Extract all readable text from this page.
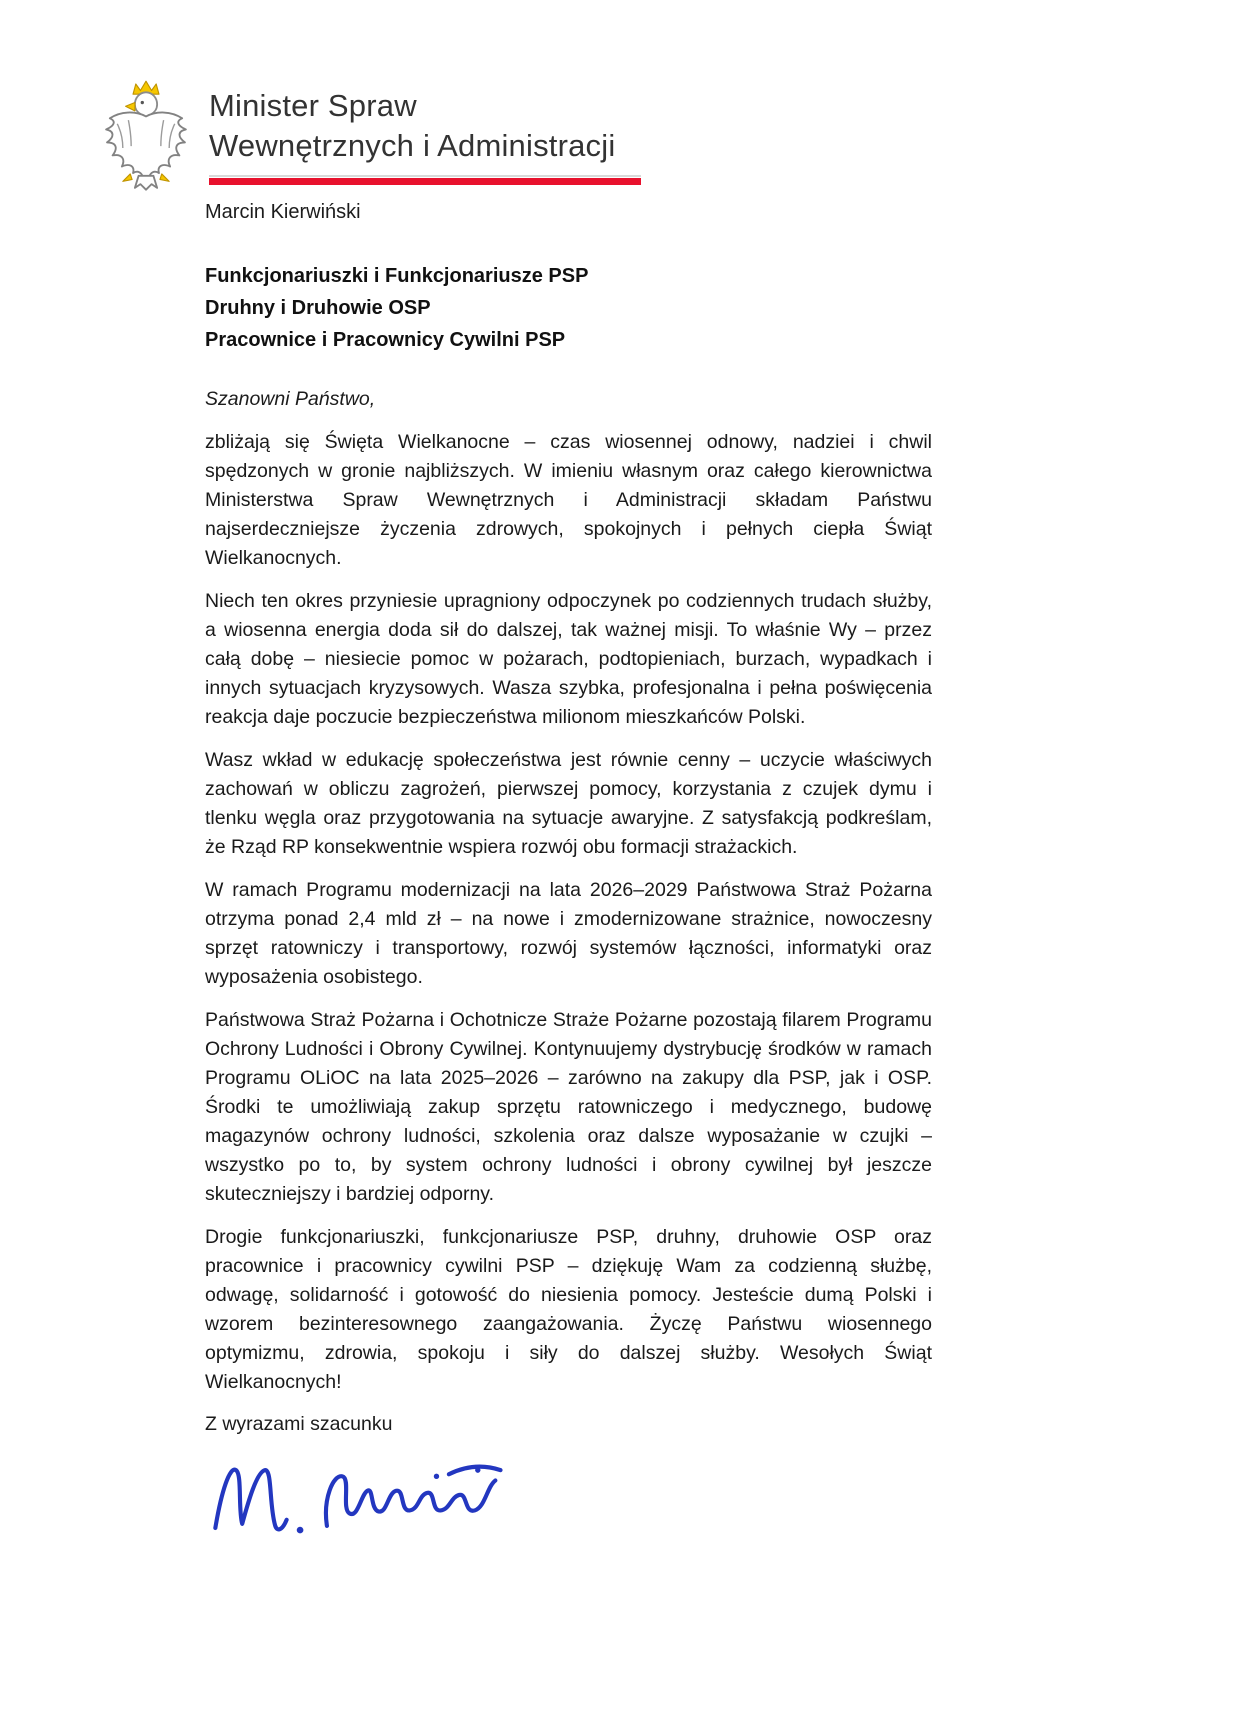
Minister Spraw
Wewnętrznych i Administracji
Marcin Kierwiński
Funkcjonariuszki i Funkcjonariusze PSP
Druhny i Druhowie OSP
Pracownice i Pracownicy Cywilni PSP
Szanowni Państwo,

zbliżają się Święta Wielkanocne – czas wiosennej odnowy, nadziei i chwil spędzonych w gronie najbliższych. W imieniu własnym oraz całego kierownictwa Ministerstwa Spraw Wewnętrznych i Administracji składam Państwu najserdeczniejsze życzenia zdrowych, spokojnych i pełnych ciepła Świąt Wielkanocnych.

Niech ten okres przyniesie upragniony odpoczynek po codziennych trudach służby, a wiosenna energia doda sił do dalszej, tak ważnej misji. To właśnie Wy – przez całą dobę – niesiecie pomoc w pożarach, podtopieniach, burzach, wypadkach i innych sytuacjach kryzysowych. Wasza szybka, profesjonalna i pełna poświęcenia reakcja daje poczucie bezpieczeństwa milionom mieszkańców Polski.

Wasz wkład w edukację społeczeństwa jest równie cenny – uczycie właściwych zachowań w obliczu zagrożeń, pierwszej pomocy, korzystania z czujek dymu i tlenku węgla oraz przygotowania na sytuacje awaryjne. Z satysfakcją podkreślam, że Rząd RP konsekwentnie wspiera rozwój obu formacji strażackich.

W ramach Programu modernizacji na lata 2026–2029 Państwowa Straż Pożarna otrzyma ponad 2,4 mld zł – na nowe i zmodernizowane strażnice, nowoczesny sprzęt ratowniczy i transportowy, rozwój systemów łączności, informatyki oraz wyposażenia osobistego.

Państwowa Straż Pożarna i Ochotnicze Straże Pożarne pozostają filarem Programu Ochrony Ludności i Obrony Cywilnej. Kontynuujemy dystrybucję środków w ramach Programu OLiOC na lata 2025–2026 – zarówno na zakupy dla PSP, jak i OSP. Środki te umożliwiają zakup sprzętu ratowniczego i medycznego, budowę magazynów ochrony ludności, szkolenia oraz dalsze wyposażanie w czujki – wszystko po to, by system ochrony ludności i obrony cywilnej był jeszcze skuteczniejszy i bardziej odporny.

Drogie funkcjonariuszki, funkcjonariusze PSP, druhny, druhowie OSP oraz pracownice i pracownicy cywilni PSP – dziękuję Wam za codzienną służbę, odwagę, solidarność i gotowość do niesienia pomocy. Jesteście dumą Polski i wzorem bezinteresownego zaangażowania. Życzę Państwu wiosennego optymizmu, zdrowia, spokoju i siły do dalszej służby. Wesołych Świąt Wielkanocnych!

Z wyrazami szacunku
